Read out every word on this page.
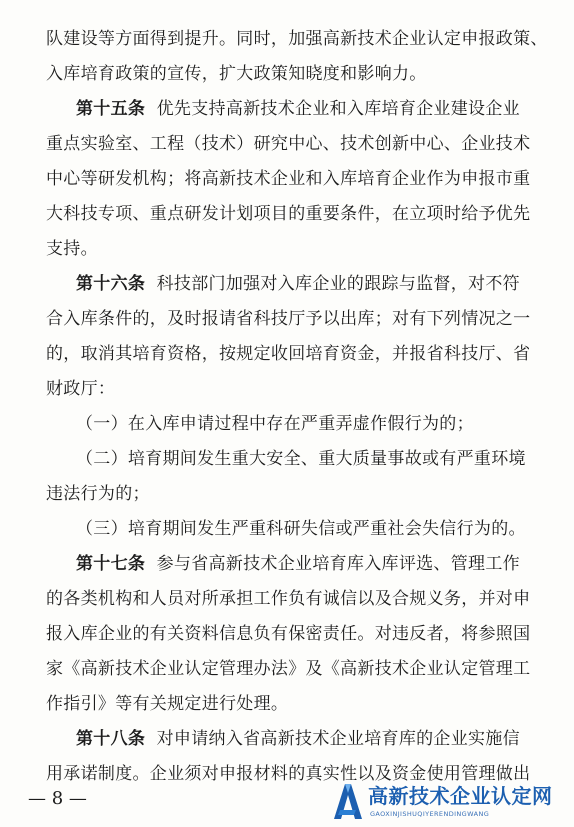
队建设等方面得到提升。同时，加强高新技术企业认定申报政策、
入库培育政策的宣传，扩大政策知晓度和影响力。
第十五条 优先支持高新技术企业和入库培育企业建设企业
重点实验室、工程（技术）研究中心、技术创新中心、企业技术
中心等研发机构；将高新技术企业和入库培育企业作为申报市重
大科技专项、重点研发计划项目的重要条件，在立项时给予优先
支持。
第十六条 科技部门加强对入库企业的跟踪与监督，对不符
合入库条件的，及时报请省科技厅予以出库；对有下列情况之一
的，取消其培育资格，按规定收回培育资金，并报省科技厅、省
财政厅：
（一）在入库申请过程中存在严重弄虚作假行为的；
（二）培育期间发生重大安全、重大质量事故或有严重环境
违法行为的；
（三）培育期间发生严重科研失信或严重社会失信行为的。
第十七条 参与省高新技术企业培育库入库评选、管理工作
的各类机构和人员对所承担工作负有诚信以及合规义务，并对申
报入库企业的有关资料信息负有保密责任。对违反者，将参照国
家《高新技术企业认定管理办法》及《高新技术企业认定管理工
作指引》等有关规定进行处理。
第十八条 对申请纳入省高新技术企业培育库的企业实施信
用承诺制度。企业须对申报材料的真实性以及资金使用管理做出
— 8 —	高新技术企业认定网
GAOXINJISHUQIYERENDINGWANG
